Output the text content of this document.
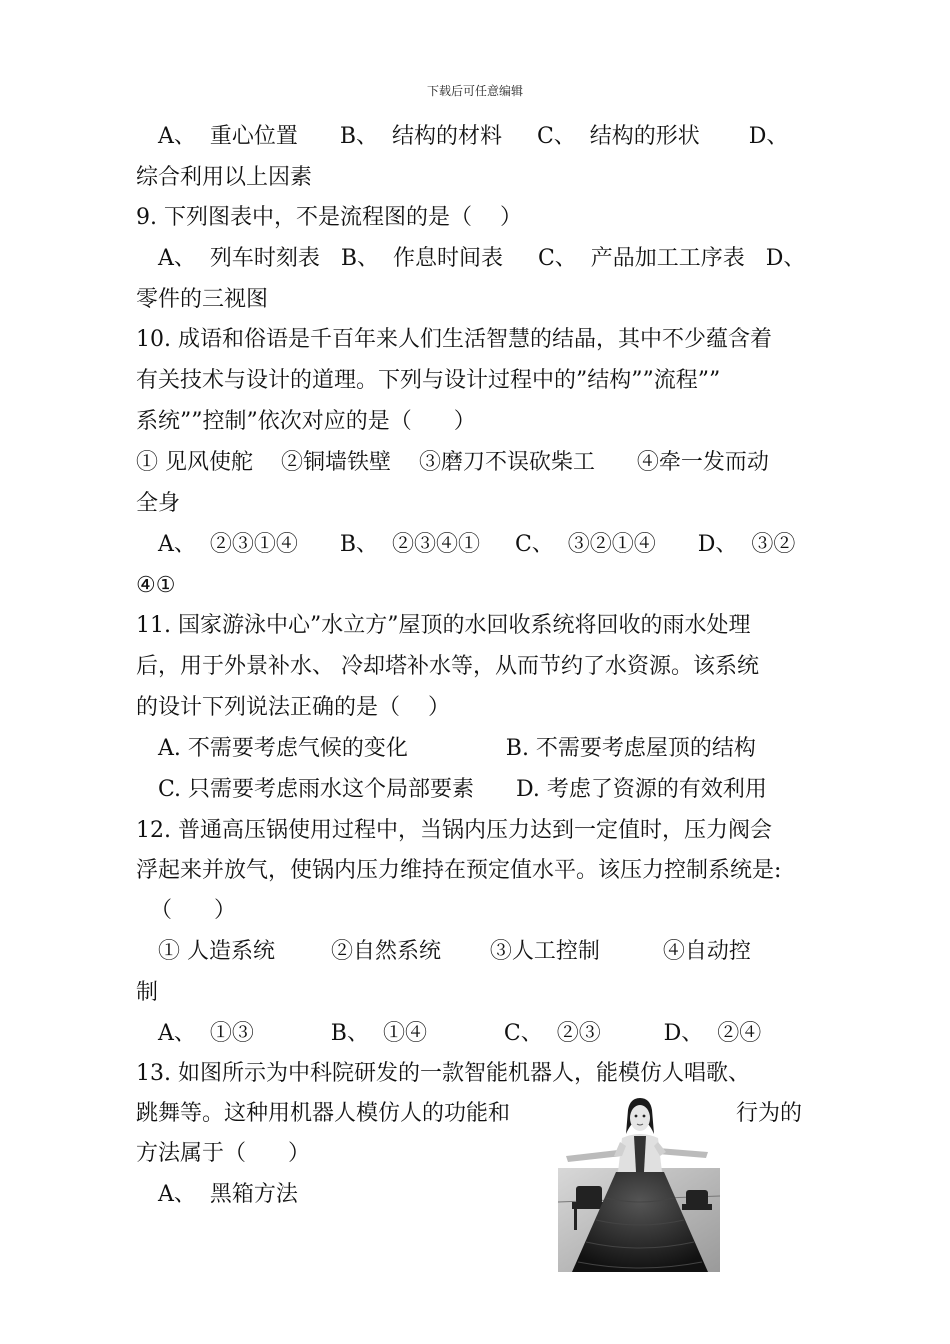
下载后可任意编辑
A、  重心位置      B、  结构的材料     C、  结构的形状       D、
综合利用以上因素
9. 下列图表中，不是流程图的是（    ）
A、  列车时刻表   B、  作息时间表     C、  产品加工工序表   D、
零件的三视图
10. 成语和俗语是千百年来人们生活智慧的结晶，其中不少蕴含着
有关技术与设计的道理。下列与设计过程中的”结构””流程””
系统””控制”依次对应的是（      ）
① 见风使舵    ②铜墙铁壁    ③磨刀不误砍柴工      ④牵一发而动
全身
A、  ②③①④      B、  ②③④①     C、  ③②①④      D、  ③②
④①
11. 国家游泳中心”水立方”屋顶的水回收系统将回收的雨水处理
后，用于外景补水、 冷却塔补水等，从而节约了水资源。该系统
的设计下列说法正确的是（    ）
A. 不需要考虑气候的变化              B. 不需要考虑屋顶的结构
C. 只需要考虑雨水这个局部要素      D. 考虑了资源的有效利用
12. 普通高压锅使用过程中，当锅内压力达到一定值时，压力阀会
浮起来并放气，使锅内压力维持在预定值水平。该压力控制系统是:
（      ）
① 人造系统        ②自然系统       ③人工控制         ④自动控
制
A、  ①③           B、  ①④           C、  ②③         D、  ②④
13. 如图所示为中科院研发的一款智能机器人，能模仿人唱歌、
跳舞等。这种用机器人模仿人的功能和	行为的
方法属于（      ）
A、  黑箱方法
